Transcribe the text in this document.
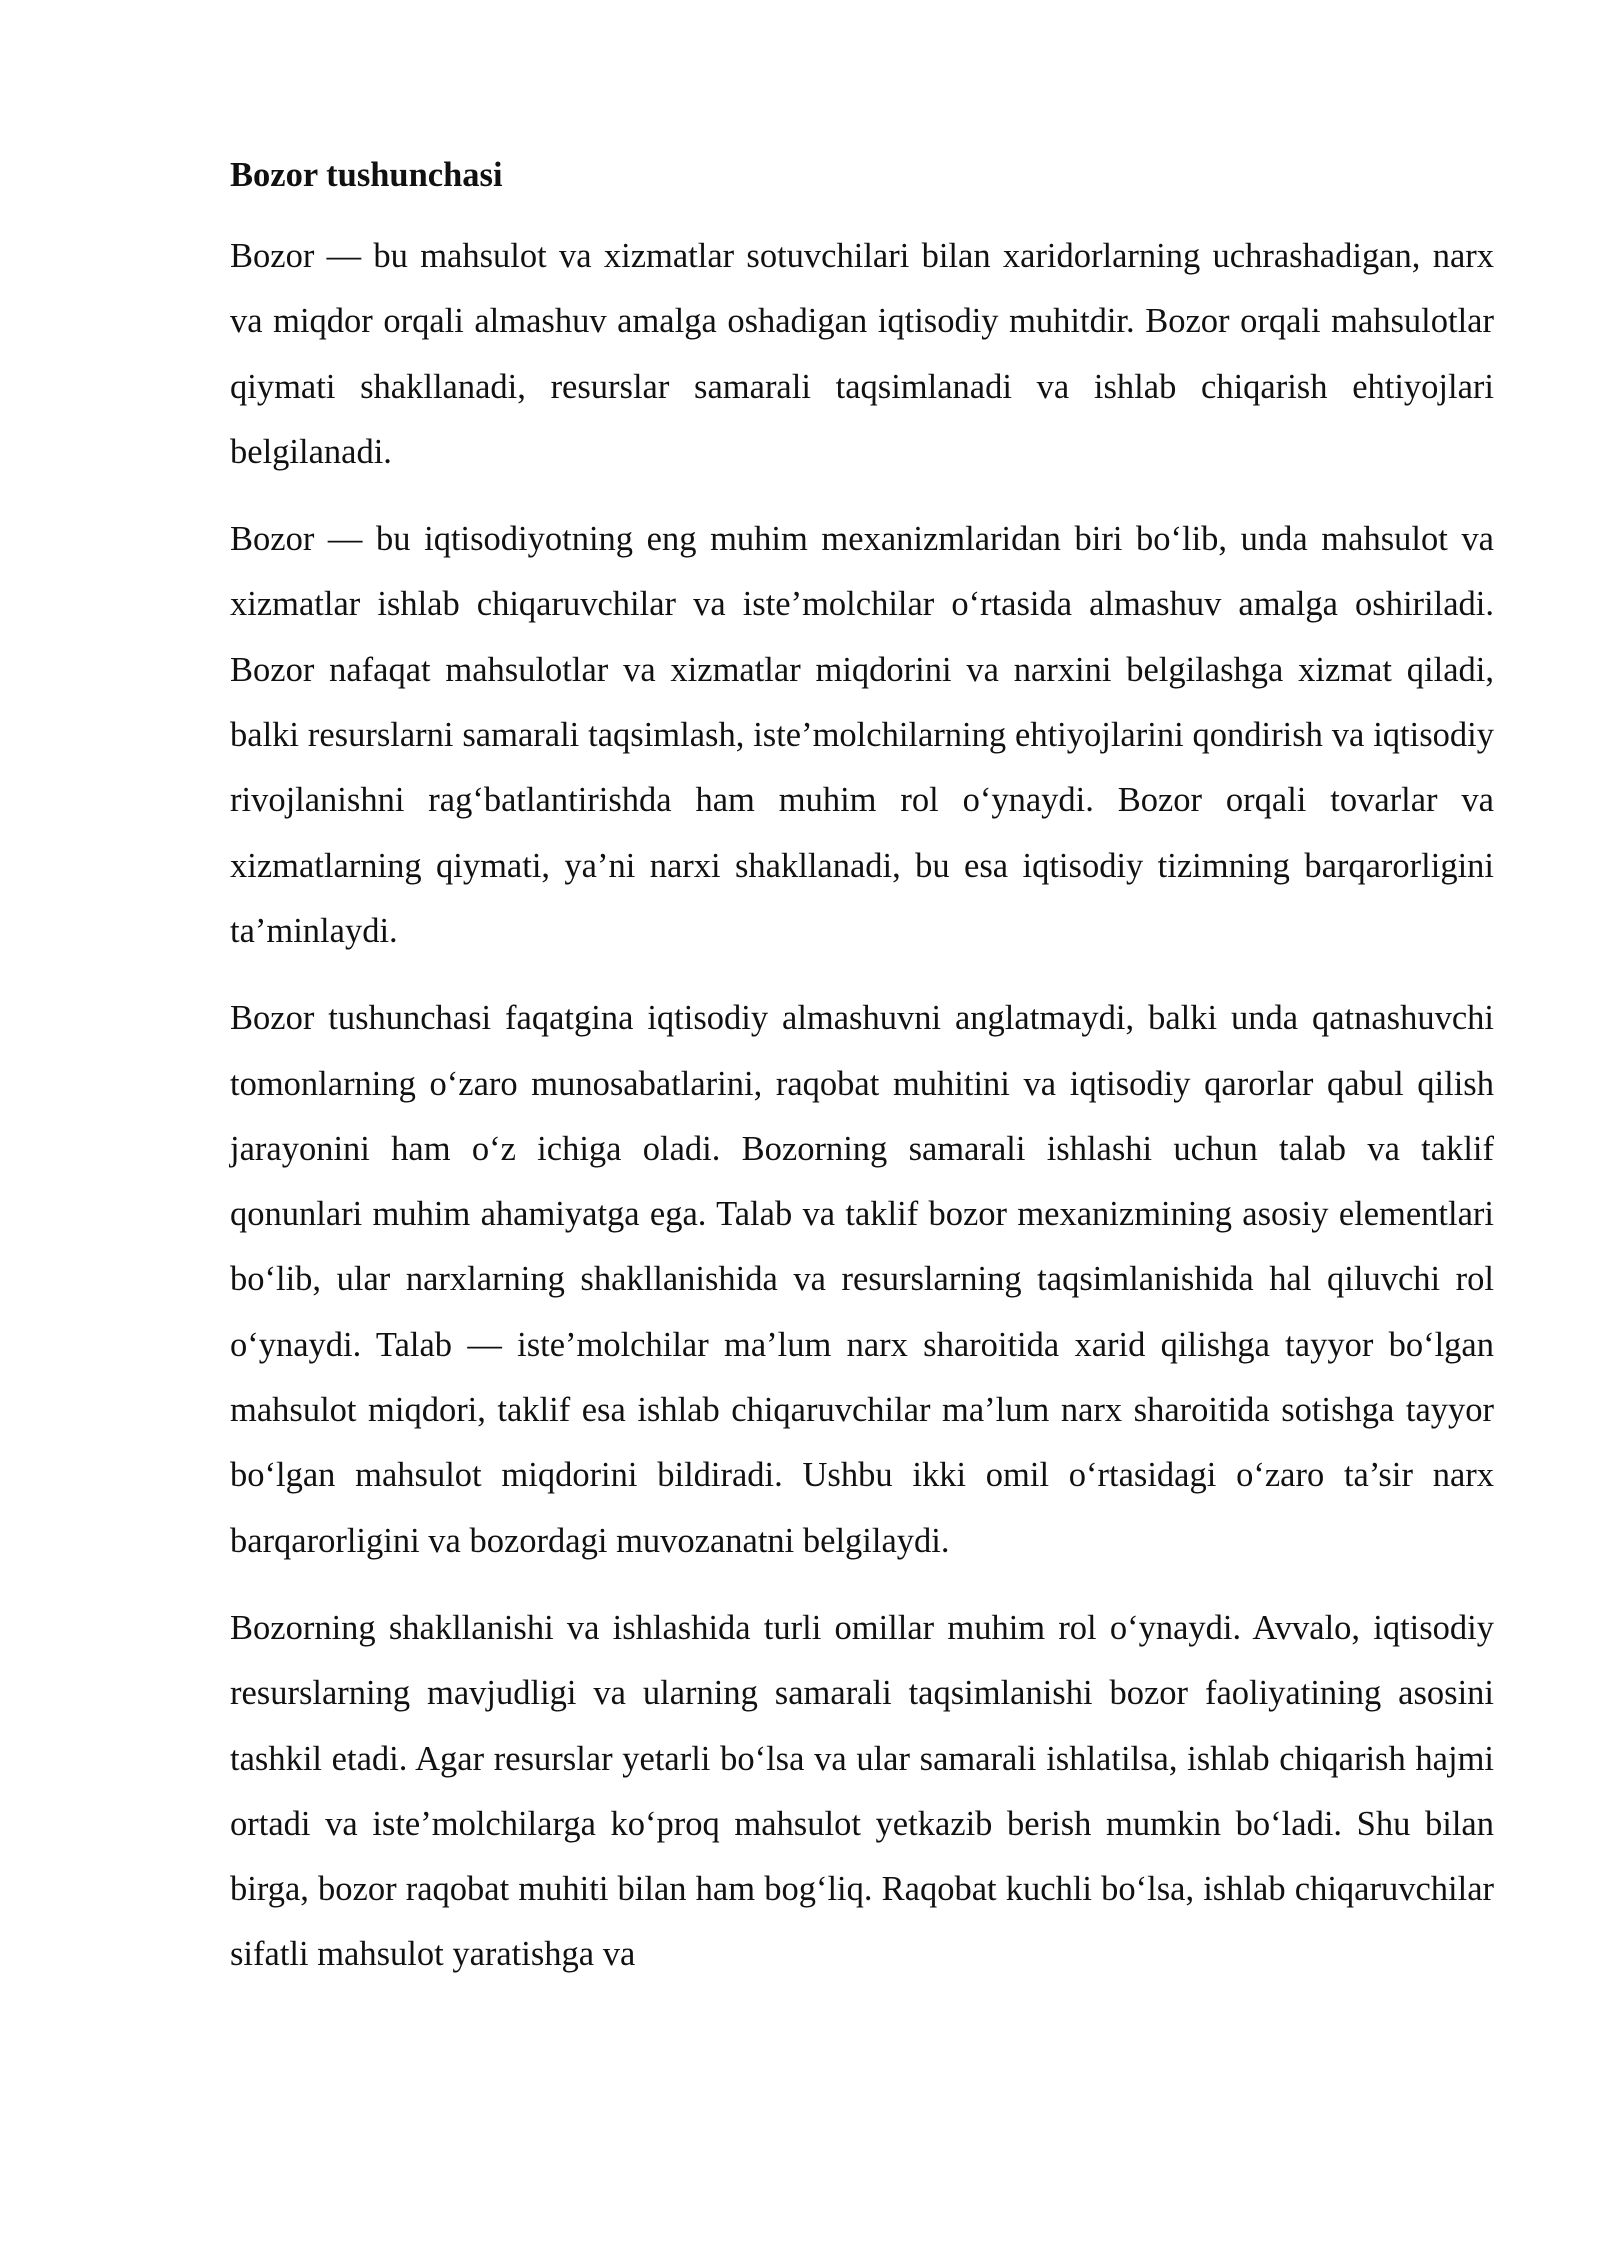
Bozor tushunchasi

Bozor — bu mahsulot va xizmatlar sotuvchilari bilan xaridorlarning uchrashadigan, narx va miqdor orqali almashuv amalga oshadigan iqtisodiy muhitdir. Bozor orqali mahsulotlar qiymati shakllanadi, resurslar samarali taqsimlanadi va ishlab chiqarish ehtiyojlari belgilanadi.

Bozor — bu iqtisodiyotning eng muhim mexanizmlaridan biri bo‘lib, unda mahsulot va xizmatlar ishlab chiqaruvchilar va iste’molchilar o‘rtasida almashuv amalga oshiriladi. Bozor nafaqat mahsulotlar va xizmatlar miqdorini va narxini belgilashga xizmat qiladi, balki resurslarni samarali taqsimlash, iste’molchilarning ehtiyojlarini qondirish va iqtisodiy rivojlanishni rag‘batlantirishda ham muhim rol o‘ynaydi. Bozor orqali tovarlar va xizmatlarning qiymati, ya’ni narxi shakllanadi, bu esa iqtisodiy tizimning barqarorligini ta’minlaydi.

Bozor tushunchasi faqatgina iqtisodiy almashuvni anglatmaydi, balki unda qatnashuvchi tomonlarning o‘zaro munosabatlarini, raqobat muhitini va iqtisodiy qarorlar qabul qilish jarayonini ham o‘z ichiga oladi. Bozorning samarali ishlashi uchun talab va taklif qonunlari muhim ahamiyatga ega. Talab va taklif bozor mexanizmining asosiy elementlari bo‘lib, ular narxlarning shakllanishida va resurslarning taqsimlanishida hal qiluvchi rol o‘ynaydi. Talab — iste’molchilar ma’lum narx sharoitida xarid qilishga tayyor bo‘lgan mahsulot miqdori, taklif esa ishlab chiqaruvchilar ma’lum narx sharoitida sotishga tayyor bo‘lgan mahsulot miqdorini bildiradi. Ushbu ikki omil o‘rtasidagi o‘zaro ta’sir narx barqarorligini va bozordagi muvozanatni belgilaydi.

Bozorning shakllanishi va ishlashida turli omillar muhim rol o‘ynaydi. Avvalo, iqtisodiy resurslarning mavjudligi va ularning samarali taqsimlanishi bozor faoliyatining asosini tashkil etadi. Agar resurslar yetarli bo‘lsa va ular samarali ishlatilsa, ishlab chiqarish hajmi ortadi va iste’molchilarga ko‘proq mahsulot yetkazib berish mumkin bo‘ladi. Shu bilan birga, bozor raqobat muhiti bilan ham bog‘liq. Raqobat kuchli bo‘lsa, ishlab chiqaruvchilar sifatli mahsulot yaratishga va
